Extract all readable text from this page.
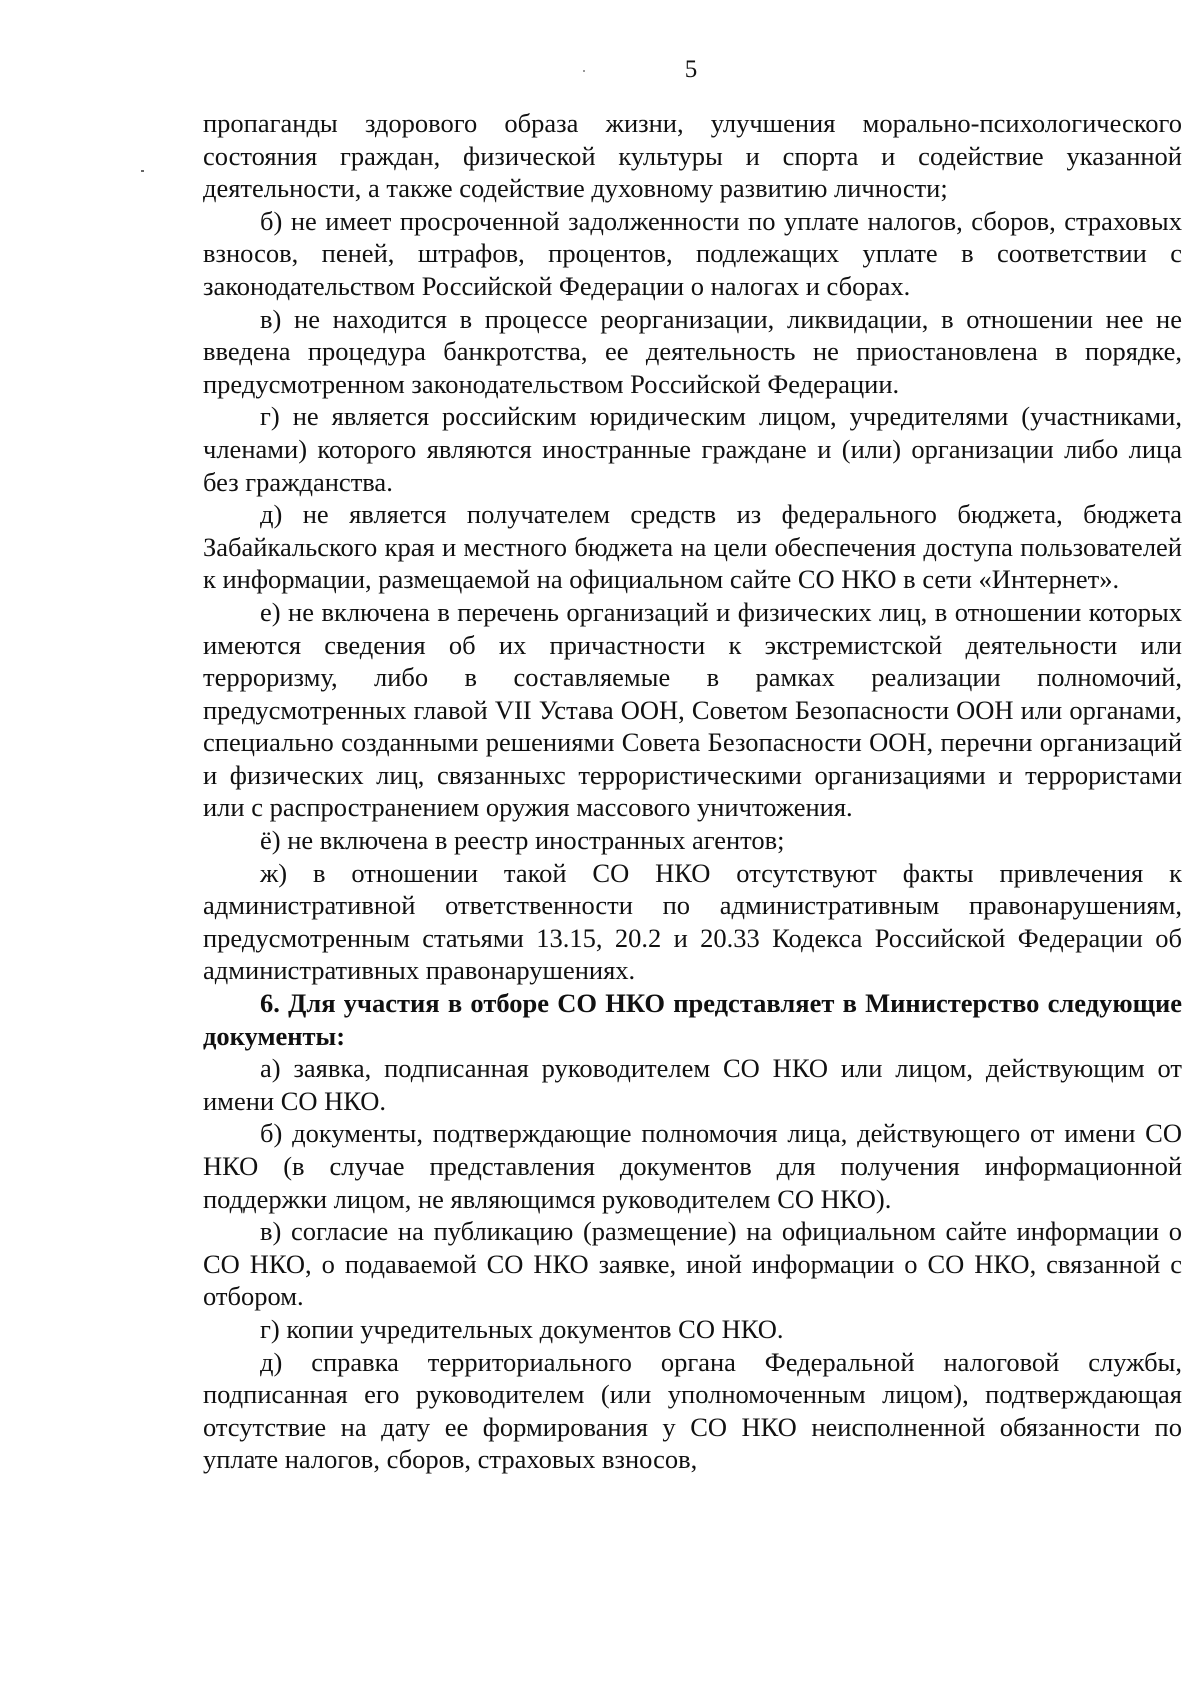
5

пропаганды здорового образа жизни, улучшения морально-психологического состояния граждан, физической культуры и спорта и содействие указанной деятельности, а также содействие духовному развитию личности;

б) не имеет просроченной задолженности по уплате налогов, сборов, страховых взносов, пеней, штрафов, процентов, подлежащих уплате в соответствии с законодательством Российской Федерации о налогах и сборах.

в) не находится в процессе реорганизации, ликвидации, в отношении нее не введена процедура банкротства, ее деятельность не приостановлена в порядке, предусмотренном законодательством Российской Федерации.

г) не является российским юридическим лицом, учредителями (участниками, членами) которого являются иностранные граждане и (или) организации либо лица без гражданства.

д) не является получателем средств из федерального бюджета, бюджета Забайкальского края и местного бюджета на цели обеспечения доступа пользователей к информации, размещаемой на официальном сайте СО НКО в сети «Интернет».

е) не включена в перечень организаций и физических лиц, в отношении которых имеются сведения об их причастности к экстремистской деятельности или терроризму, либо в составляемые в рамках реализации полномочий, предусмотренных главой VII Устава ООН, Советом Безопасности ООН или органами, специально созданными решениями Совета Безопасности ООН, перечни организаций и физических лиц, связанныхс террористическими организациями и террористами или с распространением оружия массового уничтожения.

ё) не включена в реестр иностранных агентов;

ж) в отношении такой СО НКО отсутствуют факты привлечения к административной ответственности по административным правонарушениям, предусмотренным статьями 13.15, 20.2 и 20.33 Кодекса Российской Федерации об административных правонарушениях.

6. Для участия в отборе СО НКО представляет в Министерство следующие документы:

а) заявка, подписанная руководителем СО НКО или лицом, действующим от имени СО НКО.

б) документы, подтверждающие полномочия лица, действующего от имени СО НКО (в случае представления документов для получения информационной поддержки лицом, не являющимся руководителем СО НКО).

в) согласие на публикацию (размещение) на официальном сайте информации о СО НКО, о подаваемой СО НКО заявке, иной информации о СО НКО, связанной с отбором.

г) копии учредительных документов СО НКО.

д) справка территориального органа Федеральной налоговой службы, подписанная его руководителем (или уполномоченным лицом), подтверждающая отсутствие на дату ее формирования у СО НКО неисполненной обязанности по уплате налогов, сборов, страховых взносов,
